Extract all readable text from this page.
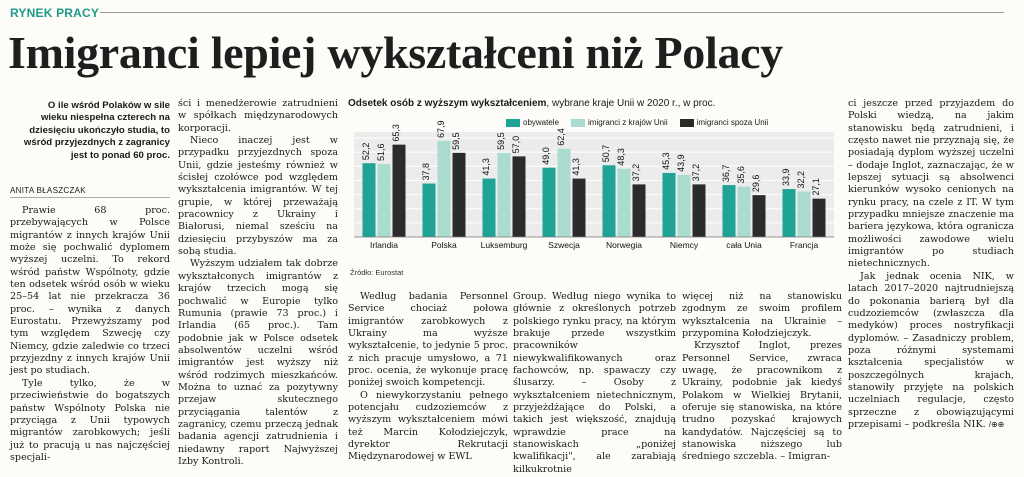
RYNEK PRACY
Imigranci lepiej wykształceni niż Polacy
O ile wśród Polaków w sile wieku niespełna czterech na dziesięciu ukończyło studia, to wśród przyjezdnych z zagranicy jest to ponad 60 proc.
ANITA BŁASZCZAK

Prawie 68 proc. przebywających w Polsce migrantów z innych krajów Unii może się pochwalić dyplomem wyższej uczelni. To rekord wśród państw Wspólnoty, gdzie ten odsetek wśród osób w wieku 25–54 lat nie przekracza 36 proc. – wynika z danych Eurostatu. Przewyższamy pod tym względem Szwecję czy Niemcy, gdzie zaledwie co trzeci przyjezdny z innych krajów Unii jest po studiach.

Tyle tylko, że w przeciwieństwie do bogatszych państw Wspólnoty Polska nie przyciąga z Unii typowych migrantów zarobkowych; jeśli już to pracują u nas najczęściej specjali-

ści i menedżerowie zatrudnieni w spółkach międzynarodowych korporacji.

Nieco inaczej jest w przypadku przyjezdnych spoza Unii, gdzie jesteśmy również w ścisłej czołówce pod względem wykształcenia imigrantów. W tej grupie, w której przeważają pracownicy z Ukrainy i Białorusi, niemal sześciu na dziesięciu przybyszów ma za sobą studia.

Wyższym udziałem tak dobrze wykształconych imigrantów z krajów trzecich mogą się pochwalić w Europie tylko Rumunia (prawie 73 proc.) i Irlandia (65 proc.). Tam podobnie jak w Polsce odsetek absolwentów uczelni wśród imigrantów jest wyższy niż wśród rodzimych mieszkańców. Można to uznać za pozytywny przejaw skutecznego przyciągania talentów z zagranicy, czemu przeczą jednak badania agencji zatrudnienia i niedawny raport Najwyższej Izby Kontroli.

Odsetek osób z wyższym wykształceniem, wybrane kraje Unii w 2020 r., w proc.
obywatele	imigranci z krajów Unii	imigranci spoza Unii
52,2 51,6
65,3
Irlandia
37,8
67,9
59,5
Polska
41,3
59,5 57,0
Luksemburg
49,0
62,4
41,3
Szwecja
50,7 48,3
37,2
Norwegia
45,3 43,9
37,2
Niemcy
36,7 35,6 29,6
cała Unia
33,9 32,2 27,1
Francja
Źródło: Eurostat

Według badania Personnel Service chociaż połowa imigrantów zarobkowych z Ukrainy ma wyższe wykształcenie, to jedynie 5 proc. z nich pracuje umysłowo, a 71 proc. ocenia, że wykonuje pracę poniżej swoich kompetencji.

O niewykorzystaniu pełnego potencjału cudzoziemców z wyższym wykształceniem mówi też Marcin Kołodziejczyk, dyrektor Rekrutacji Międzynarodowej w EWL

Group. Według niego wynika to głównie z określonych potrzeb polskiego rynku pracy, na którym brakuje przede wszystkim pracowników niewykwalifikowanych oraz fachowców, np. spawaczy czy ślusarzy. – Osoby z wykształceniem nietechnicznym, przyjeżdżające do Polski, a takich jest większość, znajdują wprawdzie prace na stanowiskach „poniżej kwalifikacji", ale zarabiają kilkukrotnie

więcej niż na stanowisku zgodnym ze swoim profilem wykształcenia na Ukrainie – przypomina Kołodziejczyk.

Krzysztof Inglot, prezes Personnel Service, zwraca uwagę, że pracownikom z Ukrainy, podobnie jak kiedyś Polakom w Wielkiej Brytanii, oferuje się stanowiska, na które trudno pozyskać krajowych kandydatów. Najczęściej są to stanowiska niższego lub średniego szczebla. – Imigran-

ci jeszcze przed przyjazdem do Polski wiedzą, na jakim stanowisku będą zatrudnieni, i często nawet nie przyznają się, że posiadają dyplom wyższej uczelni – dodaje Inglot, zaznaczając, że w lepszej sytuacji są absolwenci kierunków wysoko cenionych na rynku pracy, na czele z IT. W tym przypadku mniejsze znaczenie ma bariera językowa, która ogranicza możliwości zawodowe wielu imigrantów po studiach nietechnicznych.

Jak jednak ocenia NIK, w latach 2017–2020 najtrudniejszą do pokonania barierą był dla cudzoziemców (zwłaszcza dla medyków) proces nostryfikacji dyplomów. – Zasadniczy problem, poza różnymi systemami kształcenia specjalistów w poszczególnych krajach, stanowiły przyjęte na polskich uczelniach regulacje, często sprzeczne z obowiązującymi przepisami – podkreśla NIK. /⊕⊕
